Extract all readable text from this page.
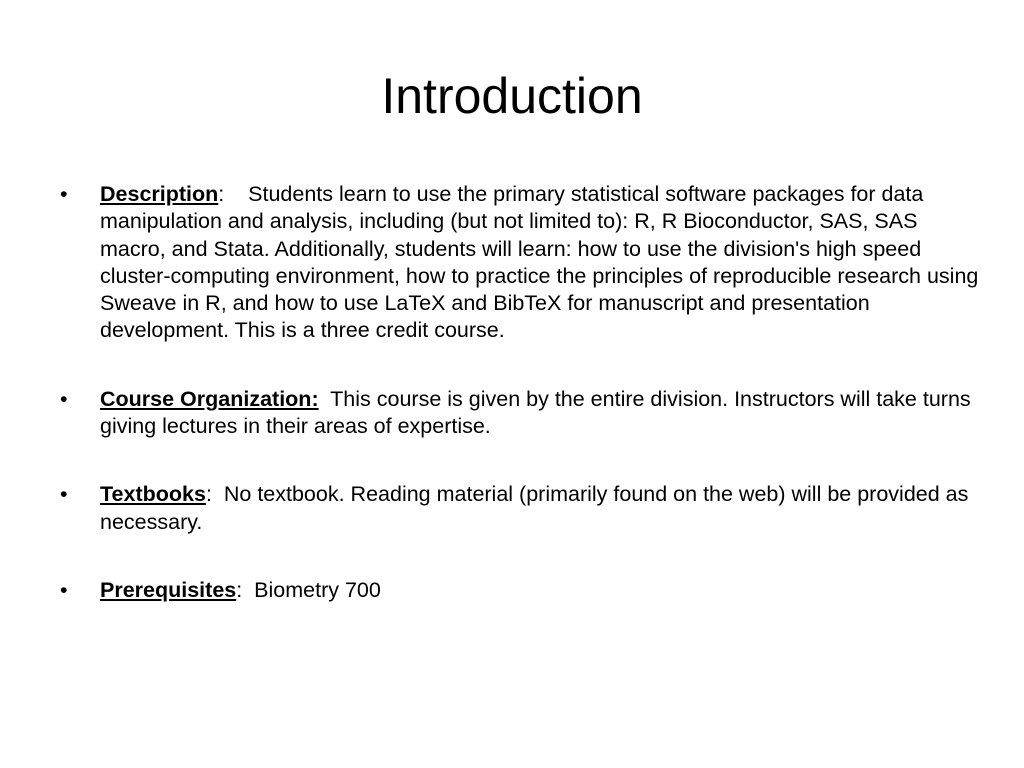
Introduction
•	Description:    Students learn to use the primary statistical software packages for data manipulation and analysis, including (but not limited to): R, R Bioconductor, SAS, SAS macro, and Stata. Additionally, students will learn: how to use the division's high speed cluster-computing environment, how to practice the principles of reproducible research using Sweave in R, and how to use LaTeX and BibTeX for manuscript and presentation development. This is a three credit course.
•	Course Organization: This course is given by the entire division. Instructors will take turns giving lectures in their areas of expertise.
•	Textbooks:  No textbook. Reading material (primarily found on the web) will be provided as necessary.
•	Prerequisites:  Biometry 700
